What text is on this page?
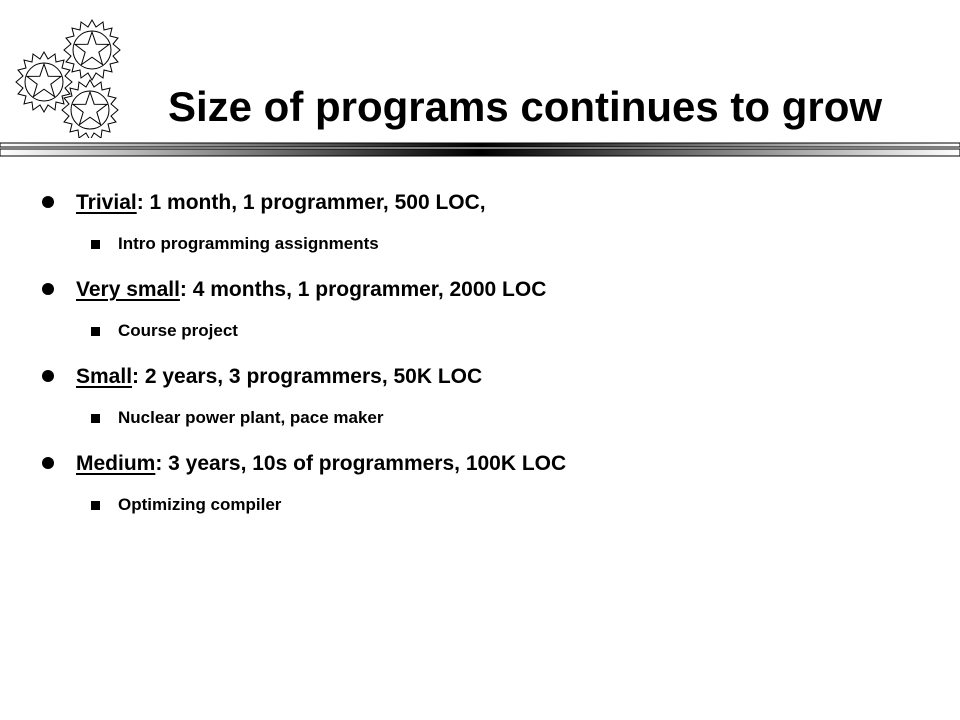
Size of programs continues to grow
Trivial: 1 month, 1 programmer, 500 LOC,
Intro programming assignments
Very small: 4 months, 1 programmer, 2000 LOC
Course project
Small: 2 years, 3 programmers, 50K LOC
Nuclear power plant, pace maker
Medium: 3 years, 10s of programmers, 100K LOC
Optimizing compiler
